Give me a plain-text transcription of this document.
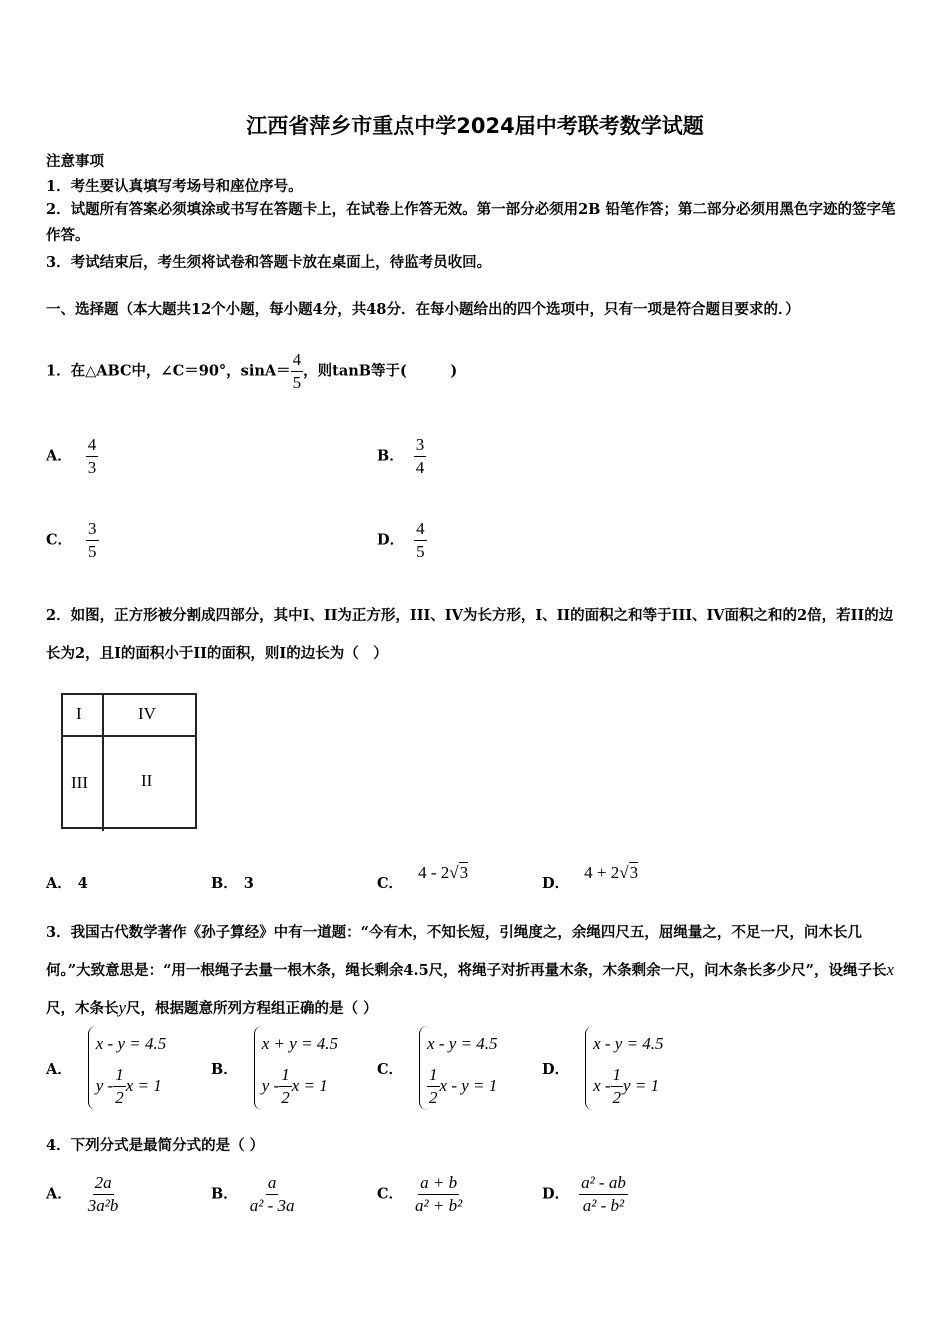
江西省萍乡市重点中学2024届中考联考数学试题
注意事项
1．考生要认真填写考场号和座位序号。
2．试题所有答案必须填涂或书写在答题卡上，在试卷上作答无效。第一部分必须用2B 铅笔作答；第二部分必须用黑色字迹的签字笔作答。
3．考试结束后，考生须将试卷和答题卡放在桌面上，待监考员收回。
一、选择题（本大题共12个小题，每小题4分，共48分．在每小题给出的四个选项中，只有一项是符合题目要求的．）
1．在△ABC中，∠C＝90°，$\sin A= \frac{4}{5}$ ，则tanB等于(　　　)
A． $\frac{4}{3}$	B． $\frac{3}{4}$
C． $\frac{3}{5}$	D． $\frac{4}{5}$
2．如图，正方形被分割成四部分，其中I、II为正方形，III、IV为长方形，I、II的面积之和等于III、IV面积之和的2倍，若II的边长为2，且I的面积小于II的面积，则I的边长为（　）
I	IV
III	II
A． 4	B． 3	C． 4 - 2√3
D． 4 + 2√3
3．我国古代数学著作《孙子算经》中有一道题：“今有木，不知长短，引绳度之，余绳四尺五，屈绳量之，不足一尺，问木长几何。”大致意思是：“用一根绳子去量一根木条，绳长剩余4.5尺，将绳子对折再量木条，木条剩余一尺，问木条长多少尺”，设绳子长x尺，木条长y尺，根据题意所列方程组正确的是（ ）
A．
x - y = 4.5
y - $\frac{1}{2}$ x = 1
B．
x + y = 4.5
y - $\frac{1}{2}$ x = 1
C．
x - y = 4.5
$\frac{1}{2}$ x - y = 1
D．
x - y = 4.5
x - $\frac{1}{2}$ y = 1
4．下列分式是最简分式的是（ ）
A． $\frac{2a}{\text{3a²b}}$	B． $\frac{a}{\text{a² - 3a}}$	C． $\frac{a + b}{\text{a² + b²}}$	D． $\frac{\text{a² - ab}}{\text{a² - b²}}$
